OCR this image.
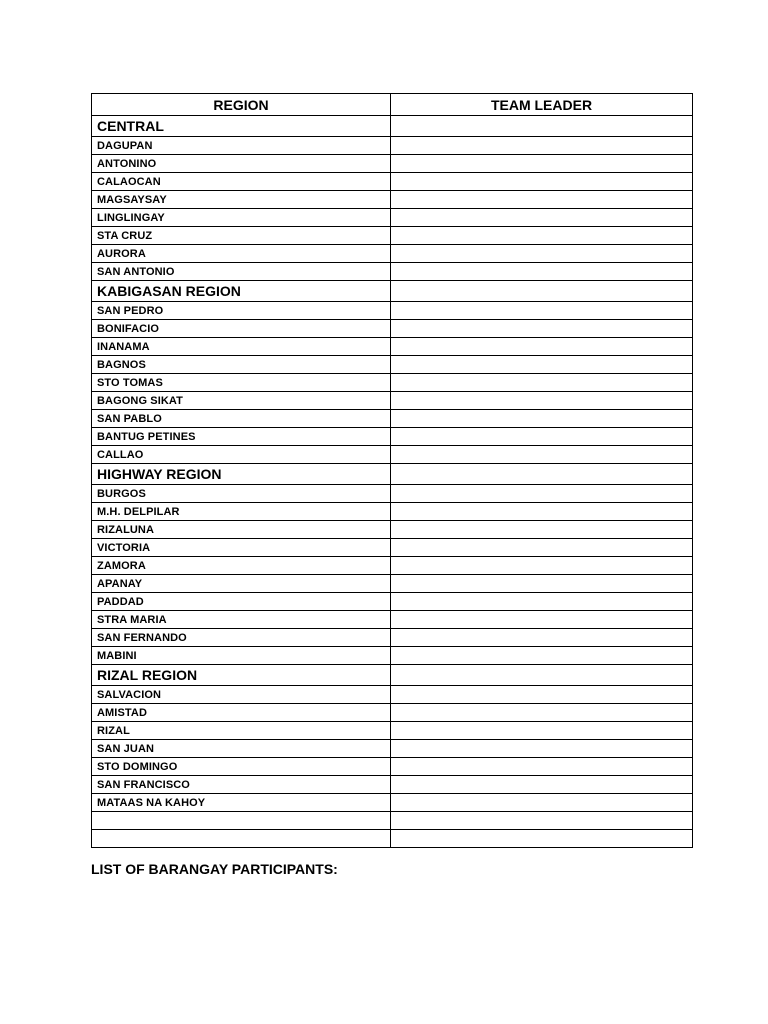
REGION	TEAM LEADER
CENTRAL	
DAGUPAN	
ANTONINO	
CALAOCAN	
MAGSAYSAY	
LINGLINGAY	
STA CRUZ	
AURORA	
SAN ANTONIO	
KABIGASAN REGION	
SAN PEDRO	
BONIFACIO	
INANAMA	
BAGNOS	
STO TOMAS	
BAGONG SIKAT	
SAN PABLO	
BANTUG PETINES	
CALLAO	
HIGHWAY REGION	
BURGOS	
M.H. DELPILAR	
RIZALUNA	
VICTORIA	
ZAMORA	
APANAY	
PADDAD	
STRA MARIA	
SAN FERNANDO	
MABINI	
RIZAL REGION	
SALVACION	
AMISTAD	
RIZAL	
SAN JUAN	
STO DOMINGO	
SAN FRANCISCO	
MATAAS NA KAHOY	

LIST OF BARANGAY PARTICIPANTS:
